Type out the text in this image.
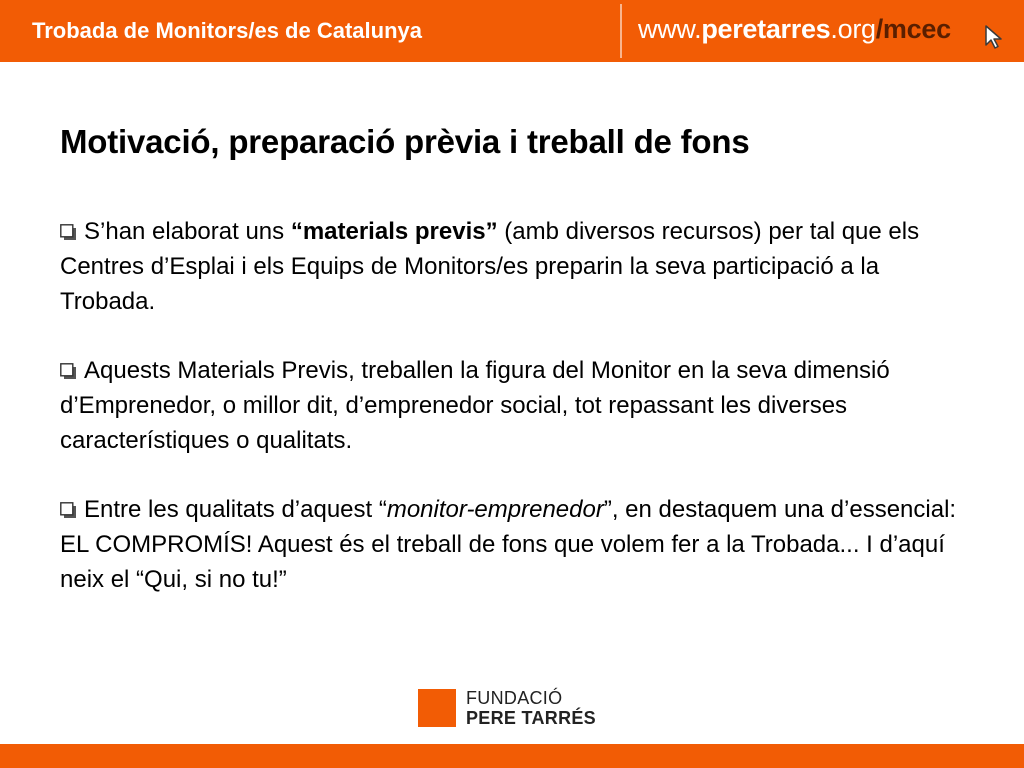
Trobada de Monitors/es de Catalunya	www.peretarres.org/mcec
Motivació, preparació prèvia i treball de fons

S’han elaborat uns “materials previs” (amb diversos recursos) per tal que els Centres d’Esplai i els Equips de Monitors/es preparin la seva participació a la Trobada.

Aquests Materials Previs, treballen la figura del Monitor en la seva dimensió d’Emprenedor, o millor dit, d’emprenedor social, tot repassant les diverses característiques o qualitats.

Entre les qualitats d’aquest “monitor-emprenedor”, en destaquem una d’essencial: EL COMPROMÍS! Aquest és el treball de fons que volem fer a la Trobada... I d’aquí neix el “Qui, si no tu!”

FUNDACIÓ
PERE TARRÉS
